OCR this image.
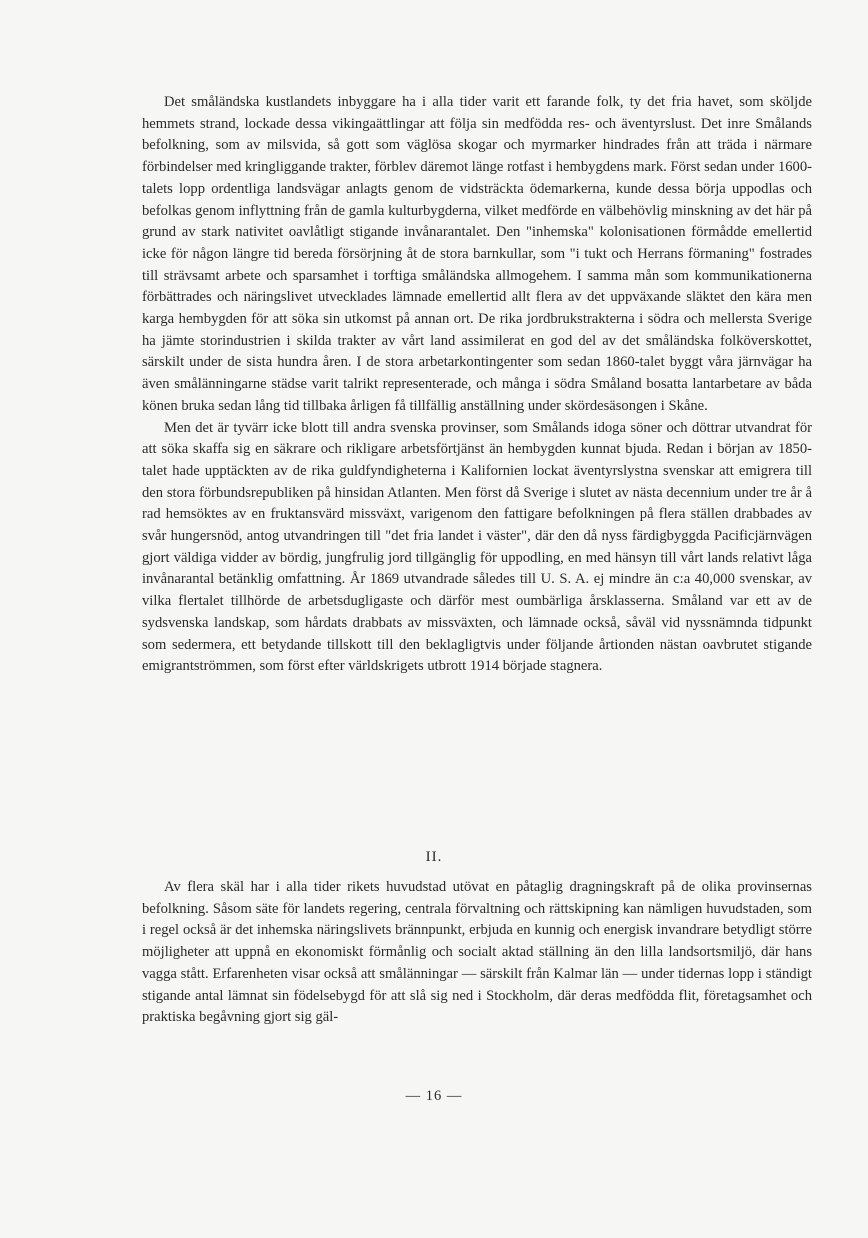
Det småländska kustlandets inbyggare ha i alla tider varit ett farande folk, ty det fria havet, som sköljde hemmets strand, lockade dessa vikingaättlingar att följa sin medfödda res- och äventyrslust. Det inre Smålands befolkning, som av milsvida, så gott som väglösa skogar och myrmarker hindrades från att träda i närmare förbindelser med kringliggande trakter, förblev däremot länge rotfast i hembygdens mark. Först sedan under 1600-talets lopp ordentliga landsvägar anlagts genom de vidsträckta ödemarkerna, kunde dessa börja uppodlas och befolkas genom inflyttning från de gamla kulturbygderna, vilket medförde en välbehövlig minskning av det här på grund av stark nativitet oavlåtligt stigande invånarantalet. Den "inhemska" kolonisationen förmådde emellertid icke för någon längre tid bereda försörjning åt de stora barnkullar, som "i tukt och Herrans förmaning" fostrades till strävsamt arbete och sparsamhet i torftiga småländska allmogehem. I samma mån som kommunikationerna förbättrades och näringslivet utvecklades lämnade emellertid allt flera av det uppväxande släktet den kära men karga hembygden för att söka sin utkomst på annan ort. De rika jordbrukstrakterna i södra och mellersta Sverige ha jämte storindustrien i skilda trakter av vårt land assimilerat en god del av det småländska folköverskottet, särskilt under de sista hundra åren. I de stora arbetarkontingenter som sedan 1860-talet byggt våra järnvägar ha även smålänningarne städse varit talrikt representerade, och många i södra Småland bosatta lantarbetare av båda könen bruka sedan lång tid tillbaka årligen få tillfällig anställning under skördesäsongen i Skåne.

Men det är tyvärr icke blott till andra svenska provinser, som Smålands idoga söner och döttrar utvandrat för att söka skaffa sig en säkrare och rikligare arbetsförtjänst än hembygden kunnat bjuda. Redan i början av 1850-talet hade upptäckten av de rika guldfyndigheterna i Kalifornien lockat äventyrslystna svenskar att emigrera till den stora förbundsrepubliken på hinsidan Atlanten. Men först då Sverige i slutet av nästa decennium under tre år å rad hemsöktes av en fruktansvärd missväxt, varigenom den fattigare befolkningen på flera ställen drabbades av svår hungersnöd, antog utvandringen till "det fria landet i väster", där den då nyss färdigbyggda Pacificjärnvägen gjort väldiga vidder av bördig, jungfrulig jord tillgänglig för uppodling, en med hänsyn till vårt lands relativt låga invånarantal betänklig omfattning. År 1869 utvandrade således till U. S. A. ej mindre än c:a 40,000 svenskar, av vilka flertalet tillhörde de arbetsdugligaste och därför mest oumbärliga årsklasserna. Småland var ett av de sydsvenska landskap, som hårdats drabbats av missväxten, och lämnade också, såväl vid nyssnämnda tidpunkt som sedermera, ett betydande tillskott till den beklagligtvis under följande årtionden nästan oavbrutet stigande emigrantströmmen, som först efter världskrigets utbrott 1914 började stagnera.

II.

Av flera skäl har i alla tider rikets huvudstad utövat en påtaglig dragningskraft på de olika provinsernas befolkning. Såsom säte för landets regering, centrala förvaltning och rättskipning kan nämligen huvudstaden, som i regel också är det inhemska näringslivets brännpunkt, erbjuda en kunnig och energisk invandrare betydligt större möjligheter att uppnå en ekonomiskt förmånlig och socialt aktad ställning än den lilla landsortsmiljö, där hans vagga stått. Erfarenheten visar också att smålänningar — särskilt från Kalmar län — under tidernas lopp i ständigt stigande antal lämnat sin födelsebygd för att slå sig ned i Stockholm, där deras medfödda flit, företagsamhet och praktiska begåvning gjort sig gäl-

— 16 —
